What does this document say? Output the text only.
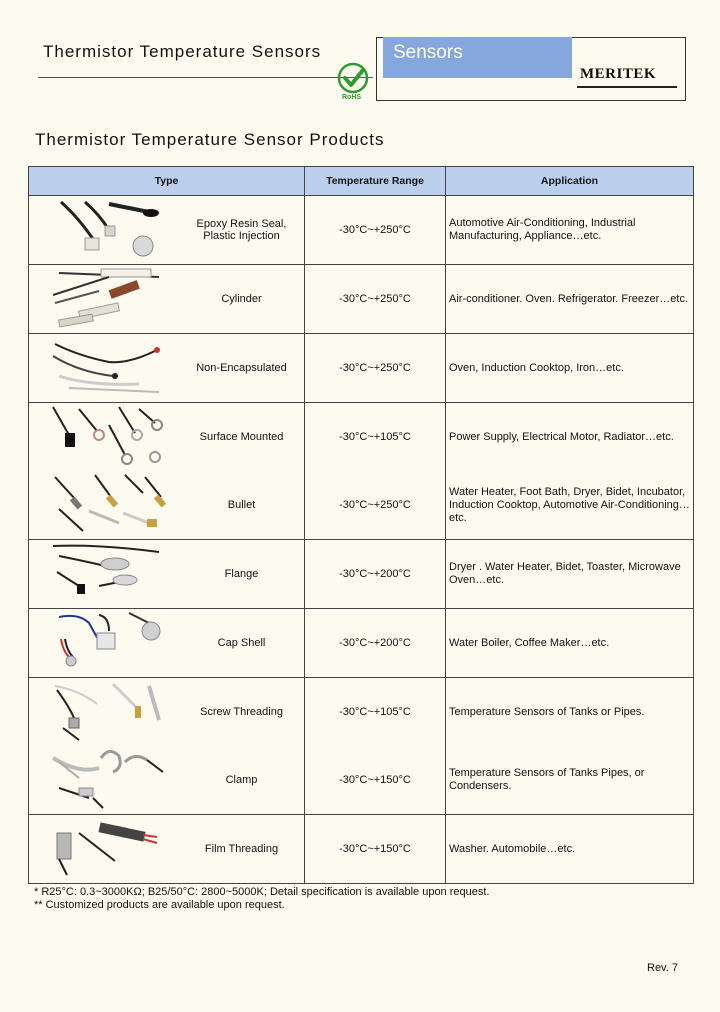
Thermistor Temperature Sensors
RoHS
Sensors
MERITEK
Thermistor Temperature Sensor Products
Type		Temperature Range	Application

	Epoxy Resin Seal, Plastic Injection	-30°C~+250°C	Automotive Air-Conditioning, Industrial Manufacturing, Appliance…etc.

	Cylinder	-30°C~+250°C	Air-conditioner. Oven. Refrigerator. Freezer…etc.

	Non-Encapsulated	-30°C~+250°C	Oven, Induction Cooktop, Iron…etc.

	Surface Mounted	-30°C~+105°C	Power Supply, Electrical Motor, Radiator…etc.

	Bullet	-30°C~+250°C	Water Heater, Foot Bath, Dryer, Bidet, Incubator, Induction Cooktop, Automotive Air-Conditioning…etc.

	Flange	-30°C~+200°C	Dryer . Water Heater, Bidet, Toaster, Microwave Oven…etc.

	Cap Shell	-30°C~+200°C	Water Boiler, Coffee Maker…etc.

	Screw Threading	-30°C~+105°C	Temperature Sensors of Tanks or Pipes.

	Clamp	-30°C~+150°C	Temperature Sensors of Tanks Pipes, or Condensers.

	Film Threading	-30°C~+150°C	Washer. Automobile…etc.
* R25°C: 0.3~3000KΩ; B25/50°C: 2800~5000K; Detail specification is available upon request.
** Customized products are available upon request.
Rev. 7
